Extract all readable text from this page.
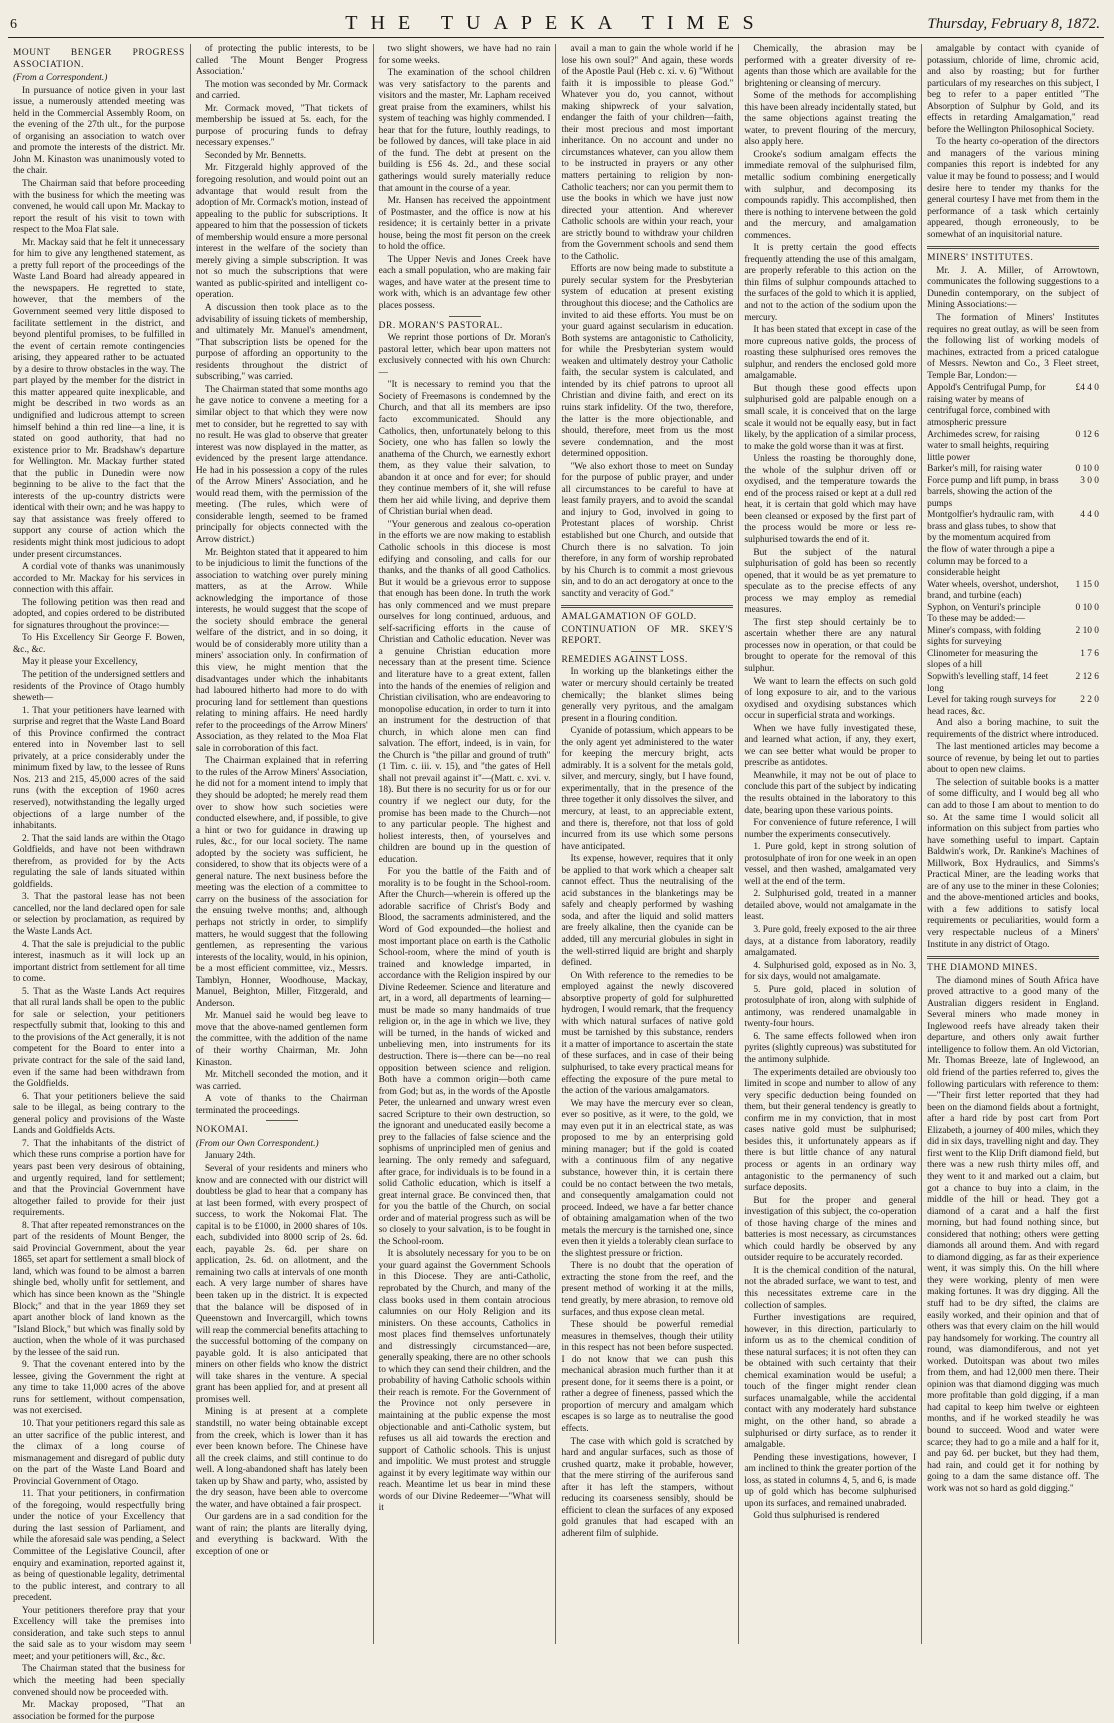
6	THE TUAPEKA TIMES	Thursday, February 8, 1872.

MOUNT BENGER PROGRESS ASSOCIATION.

(From a Correspondent.)

In pursuance of notice given in your last issue, a numerously attended meeting was held in the Commercial Assembly Room, on the evening of the 27th ult., for the purpose of organising an association to watch over and promote the interests of the district. Mr. John M. Kinaston was unanimously voted to the chair.

The Chairman said that before proceeding with the business for which the meeting was convened, he would call upon Mr. Mackay to report the result of his visit to town with respect to the Moa Flat sale.

Mr. Mackay said that he felt it unnecessary for him to give any lengthened statement, as a pretty full report of the proceedings of the Waste Land Board had already appeared in the newspapers. He regretted to state, however, that the members of the Government seemed very little disposed to facilitate settlement in the district, and beyond plentiful promises, to be fulfilled in the event of certain remote contingencies arising, they appeared rather to be actuated by a desire to throw obstacles in the way. The part played by the member for the district in this matter appeared quite inexplicable, and might be described in two words as an undignified and ludicrous attempt to screen himself behind a thin red line—a line, it is stated on good authority, that had no existence prior to Mr. Bradshaw's departure for Wellington. Mr. Mackay further stated that the public in Dunedin were now beginning to be alive to the fact that the interests of the up-country districts were identical with their own; and he was happy to say that assistance was freely offered to support any course of action which the residents might think most judicious to adopt under present circumstances.

A cordial vote of thanks was unanimously accorded to Mr. Mackay for his services in connection with this affair.

The following petition was then read and adopted, and copies ordered to be distributed for signatures throughout the province:—

To His Excellency Sir George F. Bowen, &c., &c.

May it please your Excellency,

The petition of the undersigned settlers and residents of the Province of Otago humbly sheweth—

1. That your petitioners have learned with surprise and regret that the Waste Land Board of this Province confirmed the contract entered into in November last to sell privately, at a price considerably under the minimum fixed by law, to the lessee of Runs Nos. 213 and 215, 45,000 acres of the said runs (with the exception of 1960 acres reserved), notwithstanding the legally urged objections of a large number of the inhabitants.

2. That the said lands are within the Otago Goldfields, and have not been withdrawn therefrom, as provided for by the Acts regulating the sale of lands situated within goldfields.

3. That the pastoral lease has not been cancelled, nor the land declared open for sale or selection by proclamation, as required by the Waste Lands Act.

4. That the sale is prejudicial to the public interest, inasmuch as it will lock up an important district from settlement for all time to come.

5. That as the Waste Lands Act requires that all rural lands shall be open to the public for sale or selection, your petitioners respectfully submit that, looking to this and to the provisions of the Act generally, it is not competent for the Board to enter into a private contract for the sale of the said land, even if the same had been withdrawn from the Goldfields.

6. That your petitioners believe the said sale to be illegal, as being contrary to the general policy and provisions of the Waste Lands and Goldfields Acts.

7. That the inhabitants of the district of which these runs comprise a portion have for years past been very desirous of obtaining, and urgently required, land for settlement; and that the Provincial Government have altogether failed to provide for their just requirements.

8. That after repeated remonstrances on the part of the residents of Mount Benger, the said Provincial Government, about the year 1865, set apart for settlement a small block of land, which was found to be almost a barren shingle bed, wholly unfit for settlement, and which has since been known as the "Shingle Block;" and that in the year 1869 they set apart another block of land known as the "Island Block," but which was finally sold by auction, when the whole of it was purchased by the lessee of the said run.

9. That the covenant entered into by the lessee, giving the Government the right at any time to take 11,000 acres of the above runs for settlement, without compensation, was not exercised.

10. That your petitioners regard this sale as an utter sacrifice of the public interest, and the climax of a long course of mismanagement and disregard of public duty on the part of the Waste Land Board and Provincial Government of Otago.

11. That your petitioners, in confirmation of the foregoing, would respectfully bring under the notice of your Excellency that during the last session of Parliament, and while the aforesaid sale was pending, a Select Committee of the Legislative Council, after enquiry and examination, reported against it, as being of questionable legality, detrimental to the public interest, and contrary to all precedent.

Your petitioners therefore pray that your Excellency will take the premises into consideration, and take such steps to annul the said sale as to your wisdom may seem meet; and your petitioners will, &c., &c.

The Chairman stated that the business for which the meeting had been specially convened should now be proceeded with.

Mr. Mackay proposed, "That an association be formed for the purpose

of protecting the public interests, to be called 'The Mount Benger Progress Association.'

The motion was seconded by Mr. Cormack and carried.

Mr. Cormack moved, "That tickets of membership be issued at 5s. each, for the purpose of procuring funds to defray necessary expenses."

Seconded by Mr. Bennetts.

Mr. Fitzgerald highly approved of the foregoing resolution, and would point out an advantage that would result from the adoption of Mr. Cormack's motion, instead of appealing to the public for subscriptions. It appeared to him that the possession of tickets of membership would ensure a more personal interest in the welfare of the society than merely giving a simple subscription. It was not so much the subscriptions that were wanted as public-spirited and intelligent co-operation.

A discussion then took place as to the advisability of issuing tickets of membership, and ultimately Mr. Manuel's amendment, "That subscription lists be opened for the purpose of affording an opportunity to the residents throughout the district of subscribing," was carried.

The Chairman stated that some months ago he gave notice to convene a meeting for a similar object to that which they were now met to consider, but he regretted to say with no result. He was glad to observe that greater interest was now displayed in the matter, as evidenced by the present large attendance. He had in his possession a copy of the rules of the Arrow Miners' Association, and he would read them, with the permission of the meeting. (The rules, which were of considerable length, seemed to be framed principally for objects connected with the Arrow district.)

Mr. Beighton stated that it appeared to him to be injudicious to limit the functions of the association to watching over purely mining matters, as at the Arrow. While acknowledging the importance of those interests, he would suggest that the scope of the society should embrace the general welfare of the district, and in so doing, it would be of considerably more utility than a miners' association only. In confirmation of this view, he might mention that the disadvantages under which the inhabitants had laboured hitherto had more to do with procuring land for settlement than questions relating to mining affairs. He need hardly refer to the proceedings of the Arrow Miners' Association, as they related to the Moa Flat sale in corroboration of this fact.

The Chairman explained that in referring to the rules of the Arrow Miners' Association, he did not for a moment intend to imply that they should be adopted; he merely read them over to show how such societies were conducted elsewhere, and, if possible, to give a hint or two for guidance in drawing up rules, &c., for our local society. The name adopted by the society was sufficient, he considered, to show that its objects were of a general nature. The next business before the meeting was the election of a committee to carry on the business of the association for the ensuing twelve months; and, although perhaps not strictly in order, to simplify matters, he would suggest that the following gentlemen, as representing the various interests of the locality, would, in his opinion, be a most efficient committee, viz., Messrs. Tamblyn, Honner, Woodhouse, Mackay, Manuel, Beighton, Miller, Fitzgerald, and Anderson.

Mr. Manuel said he would beg leave to move that the above-named gentlemen form the committee, with the addition of the name of their worthy Chairman, Mr. John Kinaston.

Mr. Mitchell seconded the motion, and it was carried.

A vote of thanks to the Chairman terminated the proceedings.

NOKOMAI.

(From our Own Correspondent.)

January 24th.

Several of your residents and miners who know and are connected with our district will doubtless be glad to hear that a company has at last been formed, with every prospect of success, to work the Nokomai Flat. The capital is to be £1000, in 2000 shares of 10s. each, subdivided into 8000 scrip of 2s. 6d. each, payable 2s. 6d. per share on application, 2s. 6d. on allotment, and the remaining two calls at intervals of one month each. A very large number of shares have been taken up in the district. It is expected that the balance will be disposed of in Queenstown and Invercargill, which towns will reap the commercial benefits attaching to the successful bottoming of the company on payable gold. It is also anticipated that miners on other fields who know the district will take shares in the venture. A special grant has been applied for, and at present all promises well.

Mining is at present at a complete standstill, no water being obtainable except from the creek, which is lower than it has ever been known before. The Chinese have all the creek claims, and still continue to do well. A long-abandoned shaft has lately been taken up by Shaw and party, who, assisted by the dry season, have been able to overcome the water, and have obtained a fair prospect.

Our gardens are in a sad condition for the want of rain; the plants are literally dying, and everything is backward. With the exception of one or

two slight showers, we have had no rain for some weeks.

The examination of the school children was very satisfactory to the parents and visitors and the master, Mr. Lapham received great praise from the examiners, whilst his system of teaching was highly commended. I hear that for the future, louthly readings, to be followed by dances, will take place in aid of the fund. The debt at present on the building is £56 4s. 2d., and these social gatherings would surely materially reduce that amount in the course of a year.

Mr. Hansen has received the appointment of Postmaster, and the office is now at his residence; it is certainly better in a private house, being the most fit person on the creek to hold the office.

The Upper Nevis and Jones Creek have each a small population, who are making fair wages, and have water at the present time to work with, which is an advantage few other places possess.

DR. MORAN'S PASTORAL.

We reprint those portions of Dr. Moran's pastoral letter, which bear upon matters not exclusively connected with his own Church:—

"It is necessary to remind you that the Society of Freemasons is condemned by the Church, and that all its members are ipso facto excommunicated. Should any Catholics, then, unfortunately belong to this Society, one who has fallen so lowly the anathema of the Church, we earnestly exhort them, as they value their salvation, to abandon it at once and for ever; for should they continue members of it, she will refuse them her aid while living, and deprive them of Christian burial when dead.

"Your generous and zealous co-operation in the efforts we are now making to establish Catholic schools in this diocese is most edifying and consoling, and calls for our thanks, and the thanks of all good Catholics. But it would be a grievous error to suppose that enough has been done. In truth the work has only commenced and we must prepare ourselves for long continued, arduous, and self-sacrificing efforts in the cause of Christian and Catholic education. Never was a genuine Christian education more necessary than at the present time. Science and literature have to a great extent, fallen into the hands of the enemies of religion and Christian civilisation, who are endeavoring to monopolise education, in order to turn it into an instrument for the destruction of that church, in which alone men can find salvation. The effort, indeed, is in vain, for the Church is "the pillar and ground of truth" (1 Tim. c. iii. v. 15), and "the gates of Hell shall not prevail against it"—(Matt. c. xvi. v. 18). But there is no security for us or for our country if we neglect our duty, for the promise has been made to the Church—not to any particular people. The highest and holiest interests, then, of yourselves and children are bound up in the question of education.

For you the battle of the Faith and of morality is to be fought in the School-room. After the Church—wherein is offered up the adorable sacrifice of Christ's Body and Blood, the sacraments administered, and the Word of God expounded—the holiest and most important place on earth is the Catholic School-room, where the mind of youth is trained and knowledge imparted, in accordance with the Religion inspired by our Divine Redeemer. Science and literature and art, in a word, all departments of learning—must be made so many handmaids of true religion or, in the age in which we live, they will be turned, in the hands of wicked and unbelieving men, into instruments for its destruction. There is—there can be—no real opposition between science and religion. Both have a common origin—both came from God; but as, in the words of the Apostle Peter, the unlearned and unwary wrest even sacred Scripture to their own destruction, so the ignorant and uneducated easily become a prey to the fallacies of false science and the sophisms of unprincipled men of genius and learning. The only remedy and safeguard, after grace, for individuals is to be found in a solid Catholic education, which is itself a great internal grace. Be convinced then, that for you the battle of the Church, on social order and of material progress such as will be so closely to your salvation, is to be fought in the School-room.

It is absolutely necessary for you to be on your guard against the Government Schools in this Diocese. They are anti-Catholic, reprobated by the Church, and many of the class books used in them contain atrocious calumnies on our Holy Religion and its ministers. On these accounts, Catholics in most places find themselves unfortunately and distressingly circumstanced—are, generally speaking, there are no other schools to which they can send their children, and the probability of having Catholic schools within their reach is remote. For the Government of the Province not only persevere in maintaining at the public expense the most objectionable and anti-Catholic system, but refuses us all aid towards the erection and support of Catholic schools. This is unjust and impolitic. We must protest and struggle against it by every legitimate way within our reach. Meantime let us bear in mind these words of our Divine Redeemer—"What will it

avail a man to gain the whole world if he lose his own soul?" And again, these words of the Apostle Paul (Heb c. xi. v. 6) "Without faith it is impossible to please God." Whatever you do, you cannot, without making shipwreck of your salvation, endanger the faith of your children—faith, their most precious and most important inheritance. On no account and under no circumstances whatever, can you allow them to be instructed in prayers or any other matters pertaining to religion by non-Catholic teachers; nor can you permit them to use the books in which we have just now directed your attention. And wherever Catholic schools are within your reach, your are strictly bound to withdraw your children from the Government schools and send them to the Catholic.

Efforts are now being made to substitute a purely secular system for the Presbyterian system of education at present existing throughout this diocese; and the Catholics are invited to aid these efforts. You must be on your guard against secularism in education. Both systems are antagonistic to Catholicity, for while the Presbyterian system would weaken and ultimately destroy your Catholic faith, the secular system is calculated, and intended by its chief patrons to uproot all Christian and divine faith, and erect on its ruins stark infidelity. Of the two, therefore, the latter is the more objectionable, and should, therefore, meet from us the most severe condemnation, and the most determined opposition.

"We also exhort those to meet on Sunday for the purpose of public prayer, and under all circumstances to be careful to have at least family prayers, and to avoid the scandal and injury to God, involved in going to Protestant places of worship. Christ established but one Church, and outside that Church there is no salvation. To join therefore, in any form of worship reprobated by his Church is to commit a most grievous sin, and to do an act derogatory at once to the sanctity and veracity of God."

AMALGAMATION OF GOLD.

CONTINUATION OF MR. SKEY'S REPORT.

REMEDIES AGAINST LOSS.

In working up the blanketings either the water or mercury should certainly be treated chemically; the blanket slimes being generally very pyritous, and the amalgam present in a flouring condition.

Cyanide of potassium, which appears to be the only agent yet administered to the water for keeping the mercury bright, acts admirably. It is a solvent for the metals gold, silver, and mercury, singly, but I have found, experimentally, that in the presence of the three together it only dissolves the silver, and mercury, at least, to an appreciable extent, and there is, therefore, not that loss of gold incurred from its use which some persons have anticipated.

Its expense, however, requires that it only be applied to that work which a cheaper salt cannot effect. Thus the neutralising of the acid substances in the blanketings may be safely and cheaply performed by washing soda, and after the liquid and solid matters are freely alkaline, then the cyanide can be added, till any mercurial globules in sight in the well-stirred liquid are bright and sharply defined.

On With reference to the remedies to be employed against the newly discovered absorptive property of gold for sulphuretted hydrogen, I would remark, that the frequency with which natural surfaces of native gold must be tarnished by this substance, renders it a matter of importance to ascertain the state of these surfaces, and in case of their being sulphurised, to take every practical means for effecting the exposure of the pure metal to the action of the various amalgamators.

We may have the mercury ever so clean, ever so positive, as it were, to the gold, we may even put it in an electrical state, as was proposed to me by an enterprising gold mining manager; but if the gold is coated with a continuous film of any negative substance, however thin, it is certain there could be no contact between the two metals, and consequently amalgamation could not proceed. Indeed, we have a far better chance of obtaining amalgamation when of the two metals the mercury is the tarnished one, since even then it yields a tolerably clean surface to the slightest pressure or friction.

There is no doubt that the operation of extracting the stone from the reef, and the present method of working it at the mills, tend greatly, by mere abrasion, to remove old surfaces, and thus expose clean metal.

These should be powerful remedial measures in themselves, though their utility in this respect has not been before suspected. I do not know that we can push this mechanical abrasion much further than it at present done, for it seems there is a point, or rather a degree of fineness, passed which the proportion of mercury and amalgam which escapes is so large as to neutralise the good effects.

The case with which gold is scratched by hard and angular surfaces, such as those of crushed quartz, make it probable, however, that the mere stirring of the auriferous sand after it has left the stampers, without reducing its coarseness sensibly, should be efficient to clean the surfaces of any exposed gold granules that had escaped with an adherent film of sulphide.

Chemically, the abrasion may be performed with a greater diversity of re-agents than those which are available for the brightening or cleansing of mercury.

Some of the methods for accomplishing this have been already incidentally stated, but the same objections against treating the water, to prevent flouring of the mercury, also apply here.

Crooke's sodium amalgam effects the immediate removal of the sulphurised film, metallic sodium combining energetically with sulphur, and decomposing its compounds rapidly. This accomplished, then there is nothing to intervene between the gold and the mercury, and amalgamation commences.

It is pretty certain the good effects frequently attending the use of this amalgam, are properly referable to this action on the thin films of sulphur compounds attached to the surfaces of the gold to which it is applied, and not to the action of the sodium upon the mercury.

It has been stated that except in case of the more cupreous native golds, the process of roasting these sulphurised ores removes the sulphur, and renders the enclosed gold more amalgamable.

But though these good effects upon sulphurised gold are palpable enough on a small scale, it is conceived that on the large scale it would not be equally easy, but in fact likely, by the application of a similar process, to make the gold worse than it was at first.

Unless the roasting be thoroughly done, the whole of the sulphur driven off or oxydised, and the temperature towards the end of the process raised or kept at a dull red heat, it is certain that gold which may have been cleansed or exposed by the first part of the process would be more or less re-sulphurised towards the end of it.

But the subject of the natural sulphurisation of gold has been so recently opened, that it would be as yet premature to speculate as to the precise effects of any process we may employ as remedial measures.

The first step should certainly be to ascertain whether there are any natural processes now in operation, or that could be brought to operate for the removal of this sulphur.

We want to learn the effects on such gold of long exposure to air, and to the various oxydised and oxydising substances which occur in superficial strata and workings.

When we have fully investigated these, and learned what action, if any, they exert, we can see better what would be proper to prescribe as antidotes.

Meanwhile, it may not be out of place to conclude this part of the subject by indicating the results obtained in the laboratory to this date, bearing upon these various points.

For convenience of future reference, I will number the experiments consecutively.

1. Pure gold, kept in strong solution of protosulphate of iron for one week in an open vessel, and then washed, amalgamated very well at the end of the term.

2. Sulphurised gold, treated in a manner detailed above, would not amalgamate in the least.

3. Pure gold, freely exposed to the air three days, at a distance from laboratory, readily amalgamated.

4. Sulphurised gold, exposed as in No. 3, for six days, would not amalgamate.

5. Pure gold, placed in solution of protosulphate of iron, along with sulphide of antimony, was rendered unamalgable in twenty-four hours.

6. The same effects followed when iron pyrites (slightly cupreous) was substituted for the antimony sulphide.

The experiments detailed are obviously too limited in scope and number to allow of any very specific deduction being founded on them, but their general tendency is greatly to confirm me in my conviction, that in most cases native gold must be sulphurised; besides this, it unfortunately appears as if there is but little chance of any natural process or agents in an ordinary way antagonistic to the permanency of such surface deposits.

But for the proper and general investigation of this subject, the co-operation of those having charge of the mines and batteries is most necessary, as circumstances which could hardly be observed by any outsider require to be accurately recorded.

It is the chemical condition of the natural, not the abraded surface, we want to test, and this necessitates extreme care in the collection of samples.

Further investigations are required, however, in this direction, particularly to inform us as to the chemical condition of these natural surfaces; it is not often they can be obtained with such certainty that their chemical examination would be useful; a touch of the finger might render clean surfaces unamalgable, while the accidental contact with any moderately hard substance might, on the other hand, so abrade a sulphurised or dirty surface, as to render it amalgable.

Pending these investigations, however, I am inclined to think the greater portion of the loss, as stated in columns 4, 5, and 6, is made up of gold which has become sulphurised upon its surfaces, and remained unabraded.

Gold thus sulphurised is rendered

amalgable by contact with cyanide of potassium, chloride of lime, chromic acid, and also by roasting; but for further particulars of my researches on this subject, I beg to refer to a paper entitled "The Absorption of Sulphur by Gold, and its effects in retarding Amalgamation," read before the Wellington Philosophical Society.

To the hearty co-operation of the directors and managers of the various mining companies this report is indebted for any value it may be found to possess; and I would desire here to tender my thanks for the general courtesy I have met from them in the performance of a task which certainly appeared, though erroneously, to be somewhat of an inquisitorial nature.

MINERS' INSTITUTES.

Mr. J. A. Miller, of Arrowtown, communicates the following suggestions to a Dunedin contemporary, on the subject of Mining Associations:—

The formation of Miners' Institutes requires no great outlay, as will be seen from the following list of working models of machines, extracted from a priced catalogue of Messrs. Newton and Co., 3 Fleet street, Temple Bar, London:—

Appold's Centrifugal Pump, for raising water by means of centrifugal force, combined with atmospheric pressure
£4 4 0
Archimedes screw, for raising water to small heights, requiring little power
0 12 6
Barker's mill, for raising water	0 10 0
Force pump and lift pump, in brass barrels, showing the action of the pumps
3 0 0
Montgolfier's hydraulic ram, with brass and glass tubes, to show that by the momentum acquired from the flow of water through a pipe a column may be forced to a considerable height
4 4 0
Water wheels, overshot, undershot, brand, and turbine (each)
1 15 0
Syphon, on Venturi's principle	0 10 0
To these may be added:—
Miner's compass, with folding sights for surveying
2 10 0
Clinometer for measuring the slopes of a hill
1 7 6
Sopwith's levelling staff, 14 feet long
2 12 6
Level for taking rough surveys for head races, &c.
2 2 0

And also a boring machine, to suit the requirements of the district where introduced.

The last mentioned articles may become a source of revenue, by being let out to parties about to open new claims.

The selection of suitable books is a matter of some difficulty, and I would beg all who can add to those I am about to mention to do so. At the same time I would solicit all information on this subject from parties who have something useful to impart. Captain Baldwin's work, Dr. Rankine's Machines of Millwork, Box Hydraulics, and Simms's Practical Miner, are the leading works that are of any use to the miner in these Colonies; and the above-mentioned articles and books, with a few additions to satisfy local requirements or peculiarities, would form a very respectable nucleus of a Miners' Institute in any district of Otago.

THE DIAMOND MINES.

The diamond mines of South Africa have proved attractive to a good many of the Australian diggers resident in England. Several miners who made money in Inglewood reefs have already taken their departure, and others only await further intelligence to follow them. An old Victorian, Mr. Thomas Breeze, late of Inglewood, an old friend of the parties referred to, gives the following particulars with reference to them:—"Their first letter reported that they had been on the diamond fields about a fortnight, after a hard ride by post cart from Port Elizabeth, a journey of 400 miles, which they did in six days, travelling night and day. They first went to the Klip Drift diamond field, but there was a new rush thirty miles off, and they went to it and marked out a claim, but got a chance to buy into a claim, in the middle of the hill or head. They got a diamond of a carat and a half the first morning, but had found nothing since, but considered that nothing; others were getting diamonds all around them. And with regard to diamond digging, as far as their experience went, it was simply this. On the hill where they were working, plenty of men were making fortunes. It was dry digging. All the stuff had to be dry sifted, the claims are easily worked, and their opinion and that of others was that every claim on the hill would pay handsomely for working. The country all round, was diamondiferous, and not yet worked. Dutoitspan was about two miles from them, and had 12,000 men there. Their opinion was that diamond digging was much more profitable than gold digging, if a man had capital to keep him twelve or eighteen months, and if he worked steadily he was bound to succeed. Wood and water were scarce; they had to go a mile and a half for it, and pay 6d. per bucket, but they had them, had rain, and could get it for nothing by going to a dam the same distance off. The work was not so hard as gold digging."
